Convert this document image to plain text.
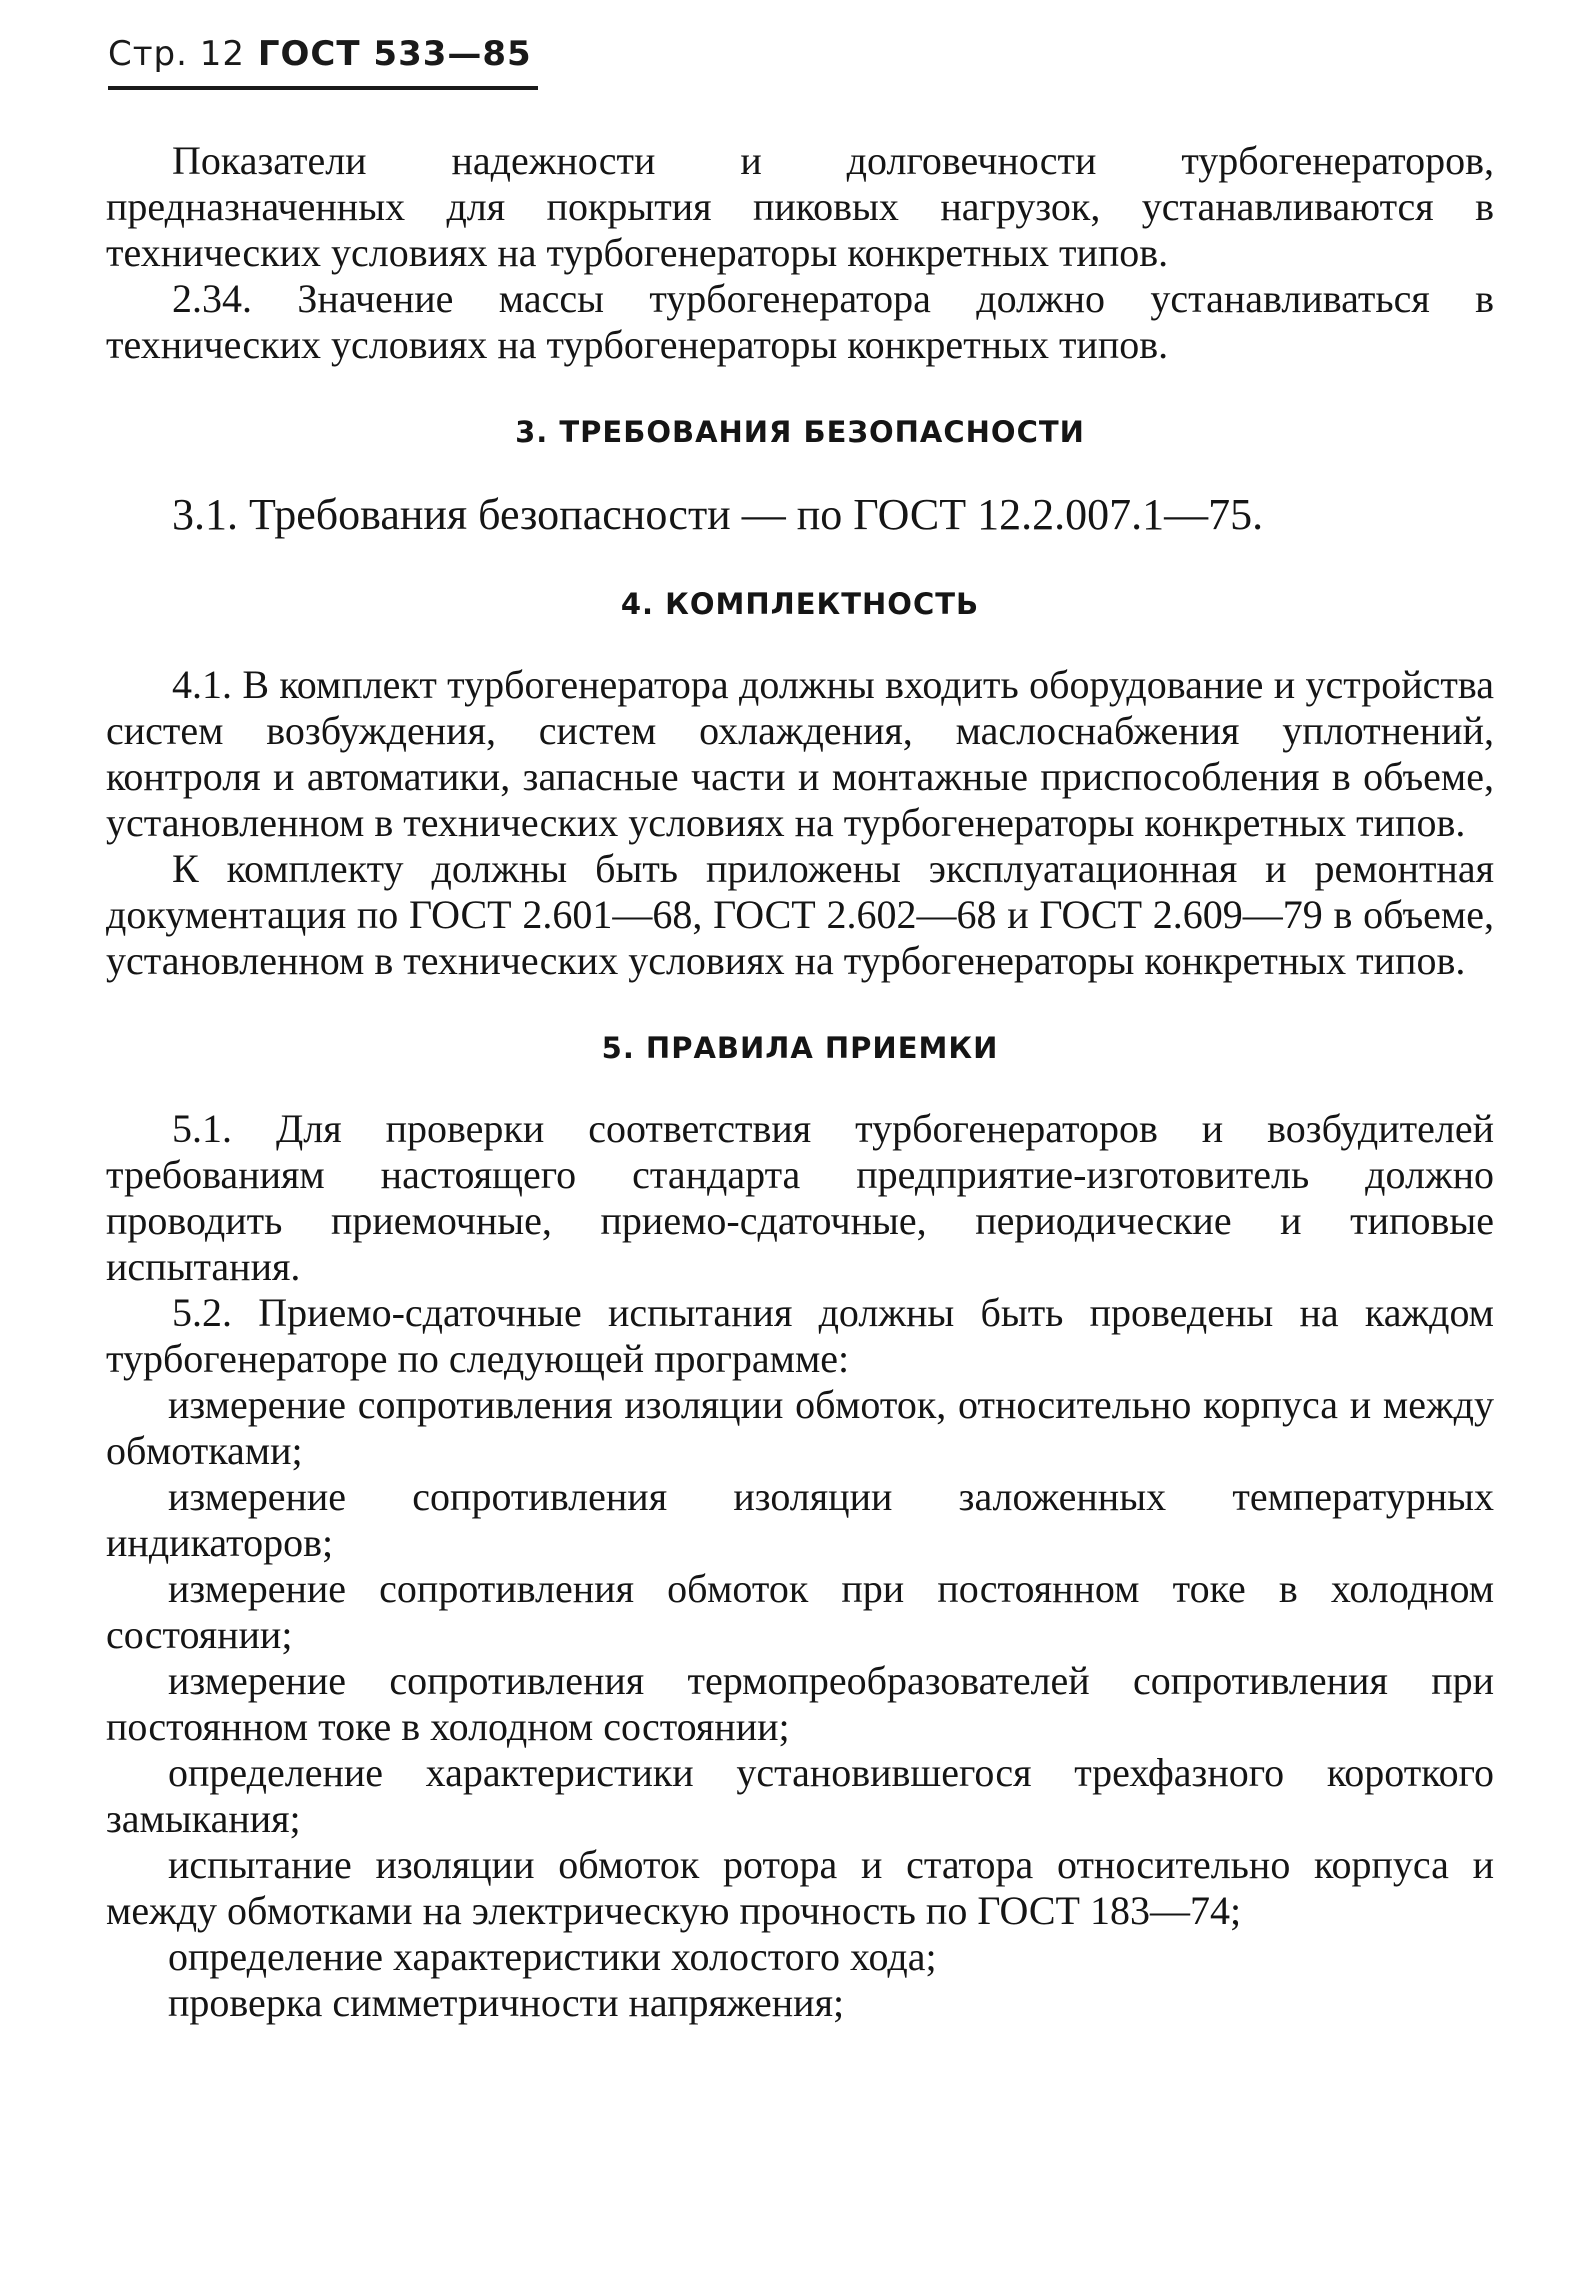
Стр. 12 ГОСТ 533—85

Показатели надежности и долговечности турбогенераторов, предназначенных для покрытия пиковых нагрузок, устанавливаются в технических условиях на турбогенераторы конкретных типов.

2.34. Значение массы турбогенератора должно устанавливаться в технических условиях на турбогенераторы конкретных типов.

3. ТРЕБОВАНИЯ БЕЗОПАСНОСТИ

3.1. Требования безопасности — по ГОСТ 12.2.007.1—75.

4. КОМПЛЕКТНОСТЬ

4.1. В комплект турбогенератора должны входить оборудование и устройства систем возбуждения, систем охлаждения, маслоснабжения уплотнений, контроля и автоматики, запасные части и монтажные приспособления в объеме, установленном в технических условиях на турбогенераторы конкретных типов.

К комплекту должны быть приложены эксплуатационная и ремонтная документация по ГОСТ 2.601—68, ГОСТ 2.602—68 и ГОСТ 2.609—79 в объеме, установленном в технических условиях на турбогенераторы конкретных типов.

5. ПРАВИЛА ПРИЕМКИ

5.1. Для проверки соответствия турбогенераторов и возбудителей требованиям настоящего стандарта предприятие-изготовитель должно проводить приемочные, приемо-сдаточные, периодические и типовые испытания.

5.2. Приемо-сдаточные испытания должны быть проведены на каждом турбогенераторе по следующей программе:

измерение сопротивления изоляции обмоток, относительно корпуса и между обмотками;

измерение сопротивления изоляции заложенных температурных индикаторов;

измерение сопротивления обмоток при постоянном токе в холодном состоянии;

измерение сопротивления термопреобразователей сопротивления при постоянном токе в холодном состоянии;

определение характеристики установившегося трехфазного короткого замыкания;

испытание изоляции обмоток ротора и статора относительно корпуса и между обмотками на электрическую прочность по ГОСТ 183—74;

определение характеристики холостого хода;

проверка симметричности напряжения;
